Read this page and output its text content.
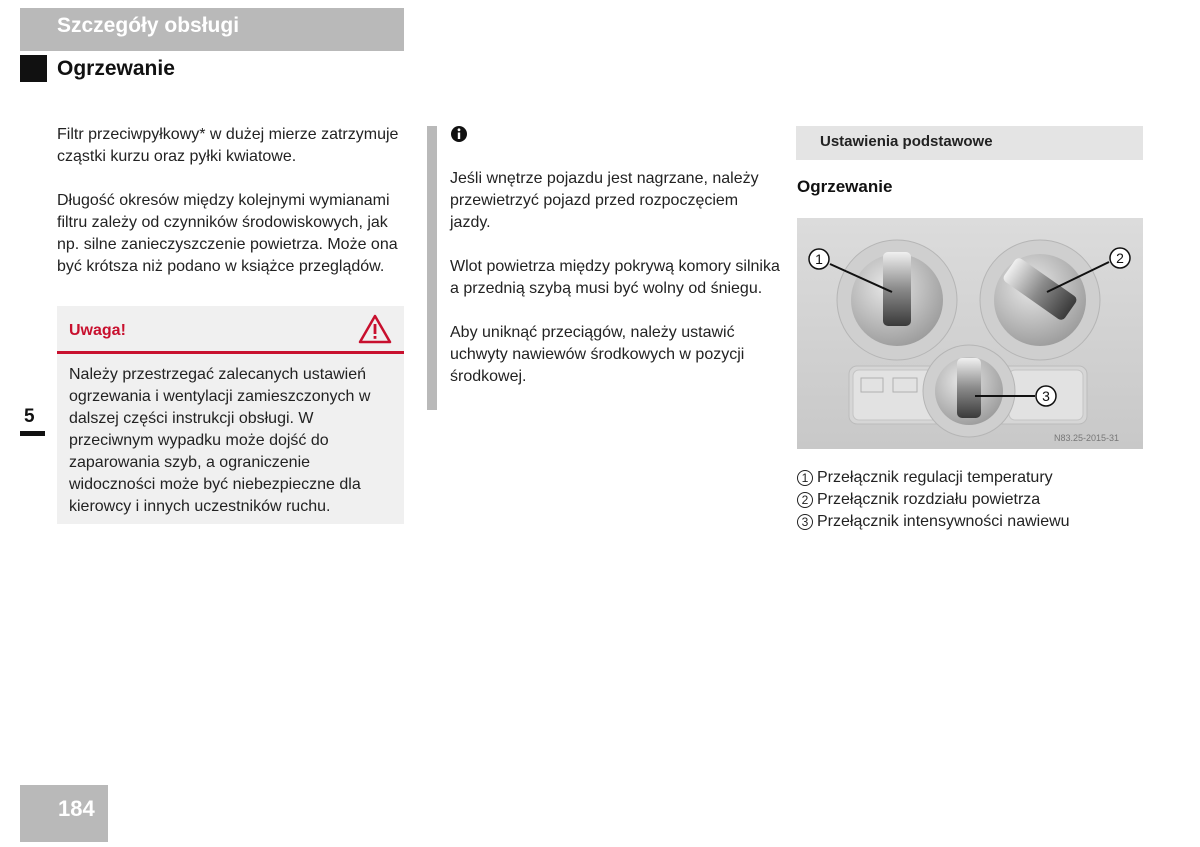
Szczegóły obsługi
Ogrzewanie
5

Filtr przeciwpyłkowy* w dużej mierze zatrzymuje cząstki kurzu oraz pyłki kwiatowe.

Długość okresów między kolejnymi wymianami filtru zależy od czynników środowiskowych, jak np. silne zanieczyszczenie powietrza. Może ona być krótsza niż podano w książce przeglądów.

Uwaga!
Należy przestrzegać zalecanych ustawień ogrzewania i wentylacji zamieszczonych w dalszej części instrukcji obsługi. W przeciwnym wypadku może dojść do zaparowania szyb, a ograniczenie widoczności może być niebezpieczne dla kierowcy i innych uczestników ruchu.

Jeśli wnętrze pojazdu jest nagrzane, należy przewietrzyć pojazd przed rozpoczęciem jazdy.

Wlot powietrza między pokrywą komory silnika a przednią szybą musi być wolny od śniegu.

Aby uniknąć przeciągów, należy ustawić uchwyty nawiewów środkowych w pozycji środkowej.

Ustawienia podstawowe
Ogrzewanie
1	2
3
N83.25-2015-31
1 Przełącznik regulacji temperatury
2 Przełącznik rozdziału powietrza
3 Przełącznik intensywności nawiewu
184
